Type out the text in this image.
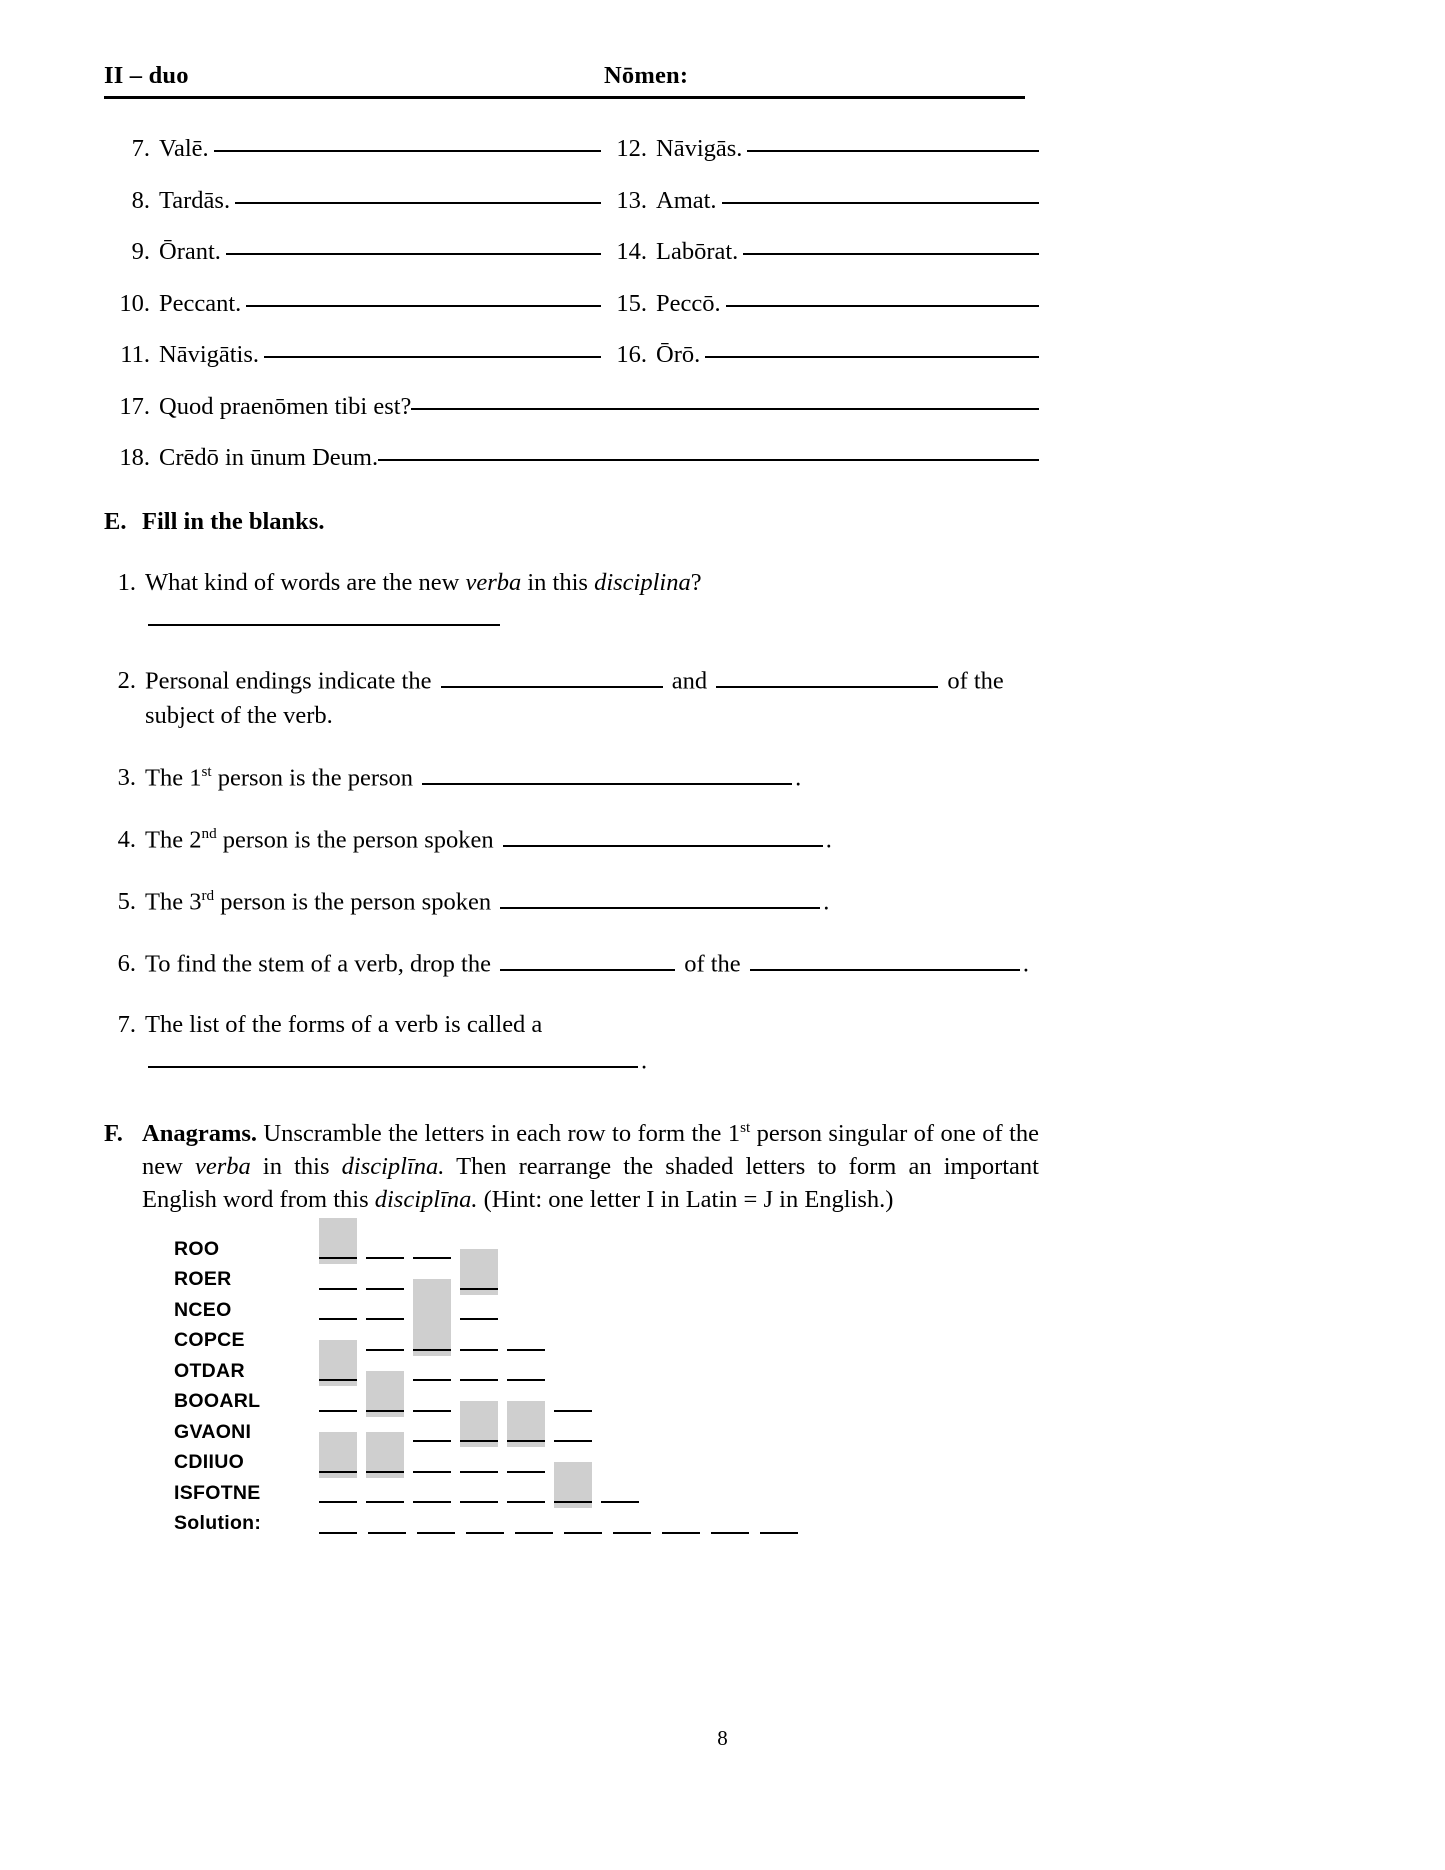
II – duo	Nōmen:
7. Valē.	12. Nāvigās.
8. Tardās.	13. Amat.
9. Ōrant.	14. Labōrat.
10. Peccant.	15. Peccō.
11. Nāvigātis.	16. Ōrō.
17. Quod praenōmen tibi est?
18. Crēdō in ūnum Deum.
E. Fill in the blanks.
1. What kind of words are the new verba in this disciplina?
2. Personal endings indicate the	and	of the subject of the verb.
3. The 1st person is the person	.
4. The 2nd person is the person spoken	.
5. The 3rd person is the person spoken	.
6. To find the stem of a verb, drop the	of the	.
7. The list of the forms of a verb is called a .
F. Anagrams. Unscramble the letters in each row to form the 1st person singular of one of the new verba in this disciplīna. Then rearrange the shaded letters to form an important English word from this disciplīna. (Hint: one letter I in Latin = J in English.)
ROO
ROER
NCEO
COPCE
OTDAR
BOOARL
GVAONI
CDIIUO
ISFOTNE
Solution:
8
